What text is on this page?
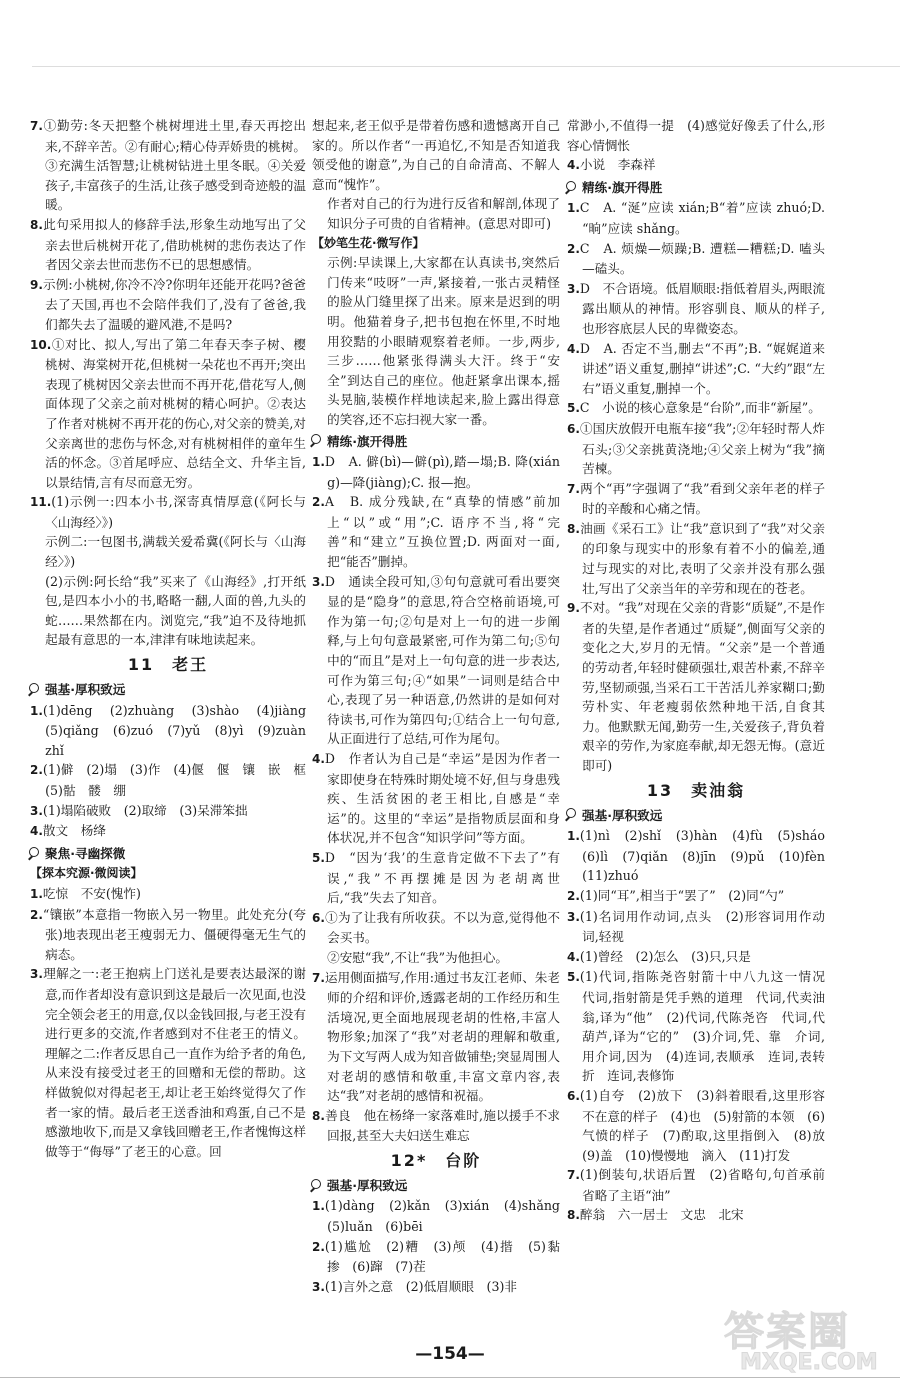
7.①勤劳:冬天把整个桃树埋进土里,春天再挖出来,不辞辛苦。②有耐心;精心侍弄娇贵的桃树。③充满生活智慧;让桃树钻进土里冬眠。④关爱孩子,丰富孩子的生活,让孩子感受到奇迹般的温暖。

8.此句采用拟人的修辞手法,形象生动地写出了父亲去世后桃树开花了,借助桃树的悲伤表达了作者因父亲去世而悲伤不已的思想感情。

9.示例:小桃树,你冷不冷?你明年还能开花吗?爸爸去了天国,再也不会陪伴我们了,没有了爸爸,我们都失去了温暖的避风港,不是吗?

10.①对比、拟人,写出了第二年春天李子树、樱桃树、海棠树开花,但桃树一朵花也不再开;突出表现了桃树因父亲去世而不再开花,借花写人,侧面体现了父亲之前对桃树的精心呵护。②表达了作者对桃树不再开花的伤心,对父亲的赞美,对父亲离世的悲伤与怀念,对有桃树相伴的童年生活的怀念。③首尾呼应、总结全文、升华主旨,以景结情,言有尽而意无穷。

11.(1)示例一:四本小书,深寄真情厚意(《阿长与〈山海经〉》)

示例二:一包图书,满载关爱希冀(《阿长与〈山海经〉》)

(2)示例:阿长给“我”买来了《山海经》,打开纸包,是四本小小的书,略略一翻,人面的兽,九头的蛇……果然都在内。浏览完,“我”迫不及待地抓起最有意思的一本,津津有味地读起来。

11　老王
强基·厚积致远

1.(1)dēng　(2)zhuàng　(3)shào　(4)jiàng　(5)qiǎng　(6)zuó　(7)yǔ　(8)yì　(9)zuàn　zhǐ

2.(1)僻　(2)塌　(3)作　(4)偃　偃　镶　嵌　框　(5)骷　髅　绷

3.(1)塌陷破败　(2)取缔　(3)呆滞笨拙

4.散文　杨绛

聚焦·寻幽探微
【探本究源·微阅读】

1.吃惊　不安(愧怍)

2.“镶嵌”本意指一物嵌入另一物里。此处充分(夸张)地表现出老王瘦弱无力、僵硬得毫无生气的病态。

3.理解之一:老王抱病上门送礼是要表达最深的谢意,而作者却没有意识到这是最后一次见面,也没完全领会老王的用意,仅以金钱回报,与老王没有进行更多的交流,作者感到对不住老王的情义。理解之二:作者反思自己一直作为给予者的角色,从来没有接受过老王的回赠和无偿的帮助。这样做貌似对得起老王,却让老王始终觉得欠了作者一家的情。最后老王送香油和鸡蛋,自己不是感激地收下,而是又拿钱回赠老王,作者愧悔这样做等于“侮辱”了老王的心意。回

想起来,老王似乎是带着伤感和遗憾离开自己家的。所以作者“一再追忆,不知是否知道我领受他的谢意”,为自己的自命清高、不解人意而“愧怍”。

作者对自己的行为进行反省和解剖,体现了知识分子可贵的自省精神。(意思对即可)

【妙笔生花·微写作】

示例:早读课上,大家都在认真读书,突然后门传来“吱呀”一声,紧接着,一张古灵精怪的脸从门缝里探了出来。原来是迟到的明明。他猫着身子,把书包抱在怀里,不时地用狡黠的小眼睛观察着老师。一步,两步,三步……他紧张得满头大汗。终于“安全”到达自己的座位。他赶紧拿出课本,摇头晃脑,装模作样地读起来,脸上露出得意的笑容,还不忘扫视大家一番。

精练·旗开得胜

1.D　A. 僻(bì)—僻(pì),踏—塌;B. 降(xiáng)—降(jiàng);C. 报—抱。

2.A　B. 成分残缺,在“真挚的情感”前加上“以”或“用”;C. 语序不当,将“完善”和“建立”互换位置;D. 两面对一面,把“能否”删掉。

3.D　通读全段可知,③句句意就可看出要突显的是“隐身”的意思,符合空格前语境,可作为第一句;②句是对上一句的进一步阐释,与上句句意最紧密,可作为第二句;⑤句中的“而且”是对上一句句意的进一步表达,可作为第三句;④“如果”一词则是结合中心,表现了另一种语意,仍然讲的是如何对待读书,可作为第四句;①结合上一句句意,从正面进行了总结,可作为尾句。

4.D　作者认为自己是“幸运”是因为作者一家即使身在特殊时期处境不好,但与身患残疾、生活贫困的老王相比,自感是“幸运”的。这里的“幸运”是指物质层面和身体状况,并不包含“知识学问”等方面。

5.D　“因为‘我’的生意肯定做不下去了”有误,“我”不再摆摊是因为老胡离世后,“我”失去了知音。

6.①为了让我有所收获。不以为意,觉得他不会买书。

②安慰“我”,不让“我”为他担心。

7.运用侧面描写,作用:通过书友江老师、朱老师的介绍和评价,透露老胡的工作经历和生活境况,更全面地展现老胡的性格,丰富人物形象;加深了“我”对老胡的理解和敬重,为下文写两人成为知音做铺垫;突显周围人对老胡的感情和敬重,丰富文章内容,表达“我”对老胡的感情和祝福。

8.善良　他在杨绛一家落难时,施以援手不求回报,甚至大夫妇送生难忘

12*　台阶
强基·厚积致远

1.(1)dàng　(2)kǎn　(3)xián　(4)shǎng　(5)luǎn　(6)bēi

2.(1)尴尬　(2)糟　(3)颅　(4)揩　(5)黏　掺　(6)蹿　(7)茬

3.(1)言外之意　(2)低眉顺眼　(3)非

常渺小,不值得一提　(4)感觉好像丢了什么,形容心情惆怅

4.小说　李森祥

精练·旗开得胜

1.C　A. “涎”应读 xián;B“着”应读 zhuó;D. “晌”应读 shǎng。

2.C　A. 烦燥—烦躁;B. 遭糕—糟糕;D. 嗑头—磕头。

3.D　不合语境。低眉顺眼:指低着眉头,两眼流露出顺从的神情。形容驯良、顺从的样子,也形容底层人民的卑微姿态。

4.D　A. 否定不当,删去“不再”;B. “娓娓道来讲述”语义重复,删掉“讲述”;C. “大约”跟“左右”语义重复,删掉一个。

5.C　小说的核心意象是“台阶”,而非“新屋”。

6.①国庆放假开电瓶车接“我”;②年轻时帮人炸石头;③父亲挑黄浇地;④父亲上树为“我”摘苦楝。

7.两个“再”字强调了“我”看到父亲年老的样子时的辛酸和心痛之情。

8.油画《采石工》让“我”意识到了“我”对父亲的印象与现实中的形象有着不小的偏差,通过与现实的对比,表明了父亲并没有那么强壮,写出了父亲当年的辛劳和现在的苍老。

9.不对。“我”对现在父亲的背影“质疑”,不是作者的失望,是作者通过“质疑”,侧面写父亲的变化之大,岁月的无情。“父亲”是一个普通的劳动者,年轻时健硕强壮,艰苦朴素,不辞辛劳,坚韧顽强,当采石工干苦活儿养家糊口;勤劳朴实、年老瘦弱依然种地干活,自食其力。他默默无闻,勤劳一生,关爱孩子,背负着艰辛的劳作,为家庭奉献,却无怨无悔。(意近即可)

13　卖油翁
强基·厚积致远

1.(1)nì　(2)shǐ　(3)hàn　(4)fù　(5)sháo　(6)lì　(7)qiǎn　(8)jīn　(9)pǔ　(10)fèn　(11)zhuó

2.(1)同“耳”,相当于“罢了”　(2)同“勺”

3.(1)名词用作动词,点头　(2)形容词用作动词,轻视

4.(1)曾经　(2)怎么　(3)只,只是

5.(1)代词,指陈尧咨射箭十中八九这一情况　代词,指射箭是凭手熟的道理　代词,代卖油翁,译为“他”　(2)代词,代陈尧咨　代词,代葫芦,译为“它的”　(3)介词,凭、靠　介词,用介词,因为　(4)连词,表顺承　连词,表转折　连词,表修饰

6.(1)自夸　(2)放下　(3)斜着眼看,这里形容不在意的样子　(4)也　(5)射箭的本领　(6)气愤的样子　(7)酌取,这里指倒入　(8)放　(9)盖　(10)慢慢地　滴入　(11)打发

7.(1)倒装句,状语后置　(2)省略句,句首承前省略了主语“油”

8.醉翁　六一居士　文忠　北宋

—154—	答案圈
MXQE.COM
